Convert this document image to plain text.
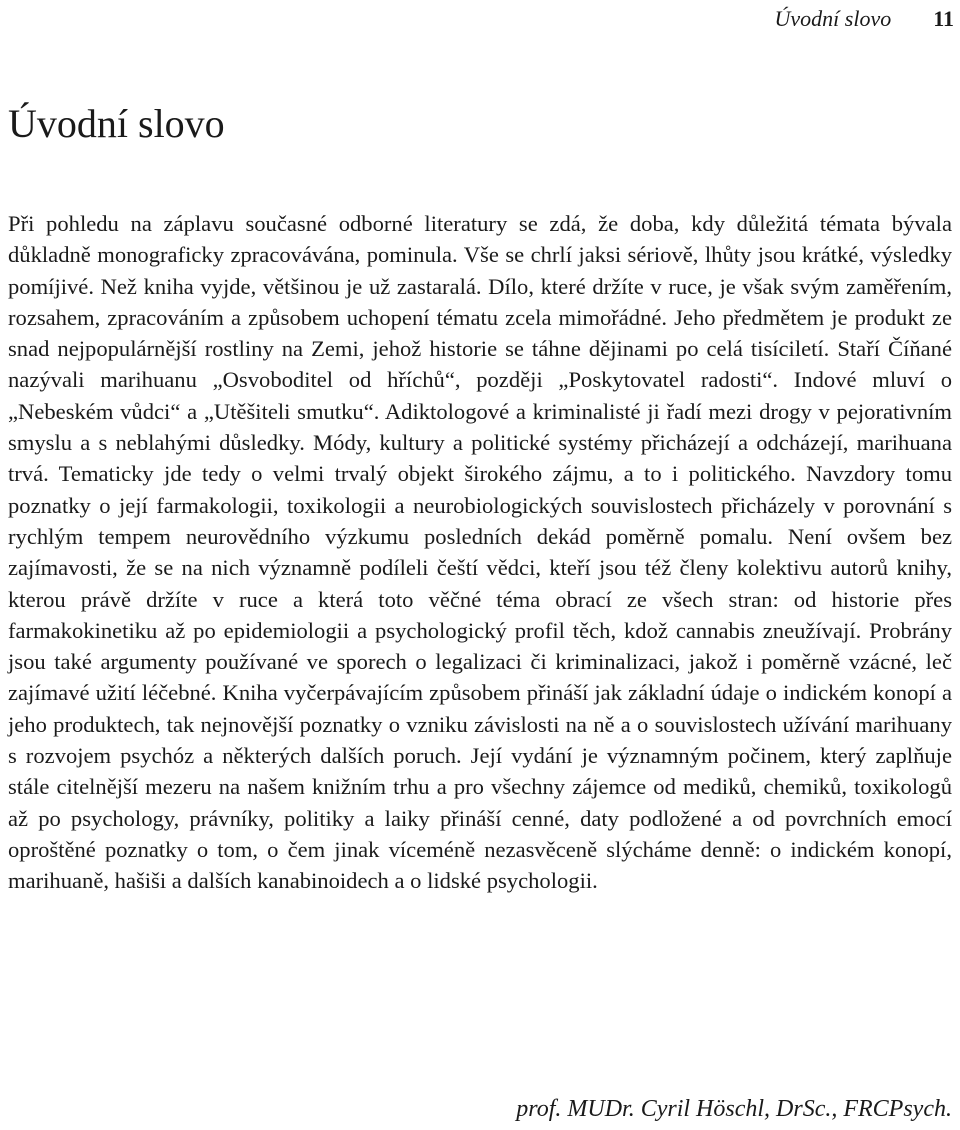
Úvodní slovo 11
Úvodní slovo

Při pohledu na záplavu současné odborné literatury se zdá, že doba, kdy důležitá témata bývala důkladně monograficky zpracovávána, pominula. Vše se chrlí jaksi sériově, lhůty jsou krátké, výsledky pomíjivé. Než kniha vyjde, většinou je už zastaralá. Dílo, které držíte v ruce, je však svým zaměřením, rozsahem, zpracováním a způsobem uchopení tématu zcela mimořádné. Jeho předmětem je produkt ze snad nejpopulárnější rostliny na Zemi, jehož historie se táhne dějinami po celá tisíciletí. Staří Číňané nazývali marihuanu „Osvoboditel od hříchů“, později „Poskytovatel radosti“. Indové mluví o „Nebeském vůdci“ a „Utěšiteli smutku“. Adiktologové a kriminalisté ji řadí mezi drogy v pejorativním smyslu a s neblahými důsledky. Módy, kultury a politické systémy přicházejí a odcházejí, marihuana trvá. Tematicky jde tedy o velmi trvalý objekt širokého zájmu, a to i politického. Navzdory tomu poznatky o její farmakologii, toxikologii a neurobiologických souvislostech přicházely v porovnání s rychlým tempem neurovědního výzkumu posledních dekád poměrně pomalu. Není ovšem bez zajímavosti, že se na nich významně podíleli čeští vědci, kteří jsou též členy kolektivu autorů knihy, kterou právě držíte v ruce a která toto věčné téma obrací ze všech stran: od historie přes farmakokinetiku až po epidemiologii a psychologický profil těch, kdož cannabis zneužívají. Probrány jsou také argumenty používané ve sporech o legalizaci či kriminalizaci, jakož i poměrně vzácné, leč zajímavé užití léčebné. Kniha vyčerpávajícím způsobem přináší jak základní údaje o indickém konopí a jeho produktech, tak nejnovější poznatky o vzniku závislosti na ně a o souvislostech užívání marihuany s rozvojem psychóz a některých dalších poruch. Její vydání je významným počinem, který zaplňuje stále citelnější mezeru na našem knižním trhu a pro všechny zájemce od mediků, chemiků, toxikologů až po psychology, právníky, politiky a laiky přináší cenné, daty podložené a od povrchních emocí oproštěné poznatky o tom, o čem jinak víceméně nezasvěceně slýcháme denně: o indickém konopí, marihuaně, hašiši a dalších kanabinoidech a o lidské psychologii.

prof. MUDr. Cyril Höschl, DrSc., FRCPsych.
